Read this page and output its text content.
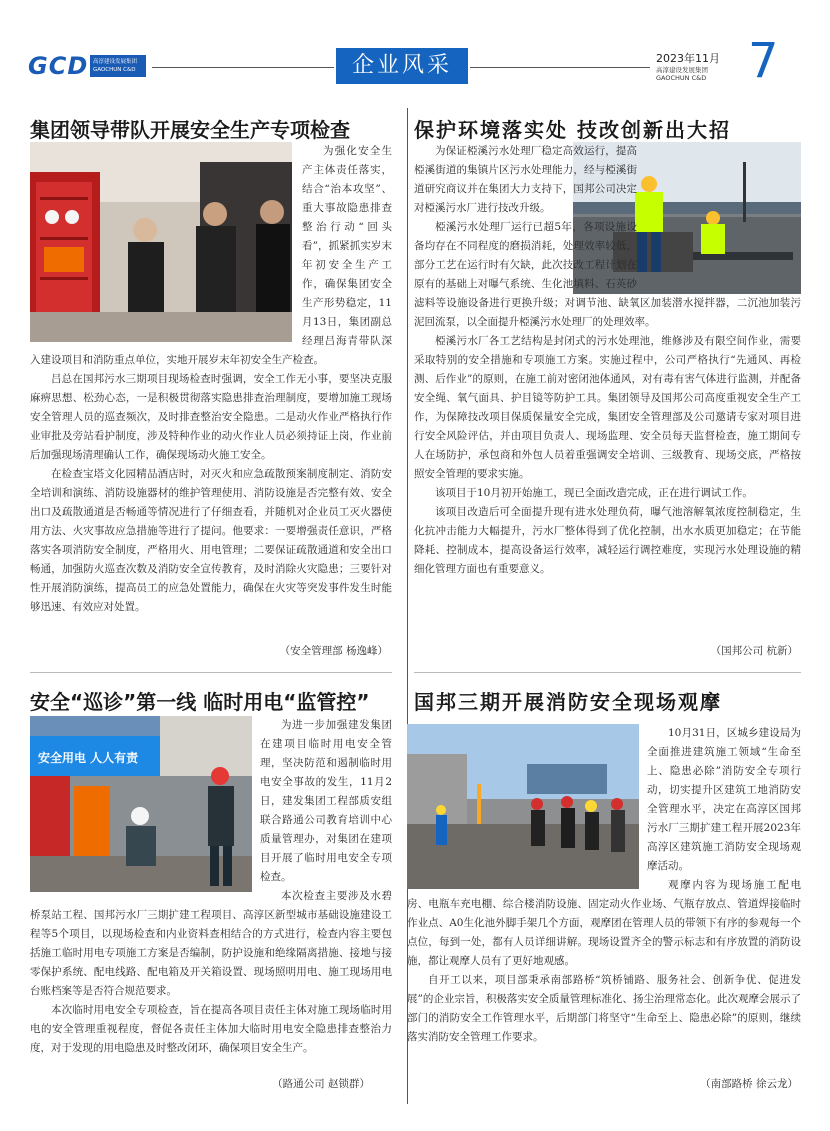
GCD 高淳建设发展集团
GAOCHUN C&D	企业风采	2023年11月
高淳建设发展集团
GAOCHUN C&D 7
集团领导带队开展安全生产专项检查

为强化安全生产主体责任落实，结合“治本攻坚”、重大事故隐患排查整治行动“回头看”，抓紧抓实岁末年初安全生产工作，确保集团安全生产形势稳定，11月13日，集团副总经理吕海青带队深入建设项目和消防重点单位，实地开展岁末年初安全生产检查。

吕总在国邦污水三期项目现场检查时强调，安全工作无小事，要坚决克服麻痹思想、松劲心态，一是积极贯彻落实隐患排查治理制度，要增加施工现场安全管理人员的巡查频次，及时排查整治安全隐患。二是动火作业严格执行作业审批及旁站看护制度，涉及特种作业的动火作业人员必须持证上岗，作业前后加强现场清理确认工作，确保现场动火施工安全。

在检查宝塔文化园精品酒店时，对灭火和应急疏散预案制度制定、消防安全培训和演练、消防设施器材的维护管理使用、消防设施是否完整有效、安全出口及疏散通道是否畅通等情况进行了仔细查看，并随机对企业员工灭火器使用方法、火灾事故应急措施等进行了提问。他要求：一要增强责任意识，严格落实各项消防安全制度，严格用火、用电管理；二要保证疏散通道和安全出口畅通，加强防火巡查次数及消防安全宣传教育，及时消除火灾隐患；三要针对性开展消防演练，提高员工的应急处置能力，确保在火灾等突发事件发生时能够迅速、有效应对处置。

（安全管理部 杨逸峰）
保护环境落实处 技改创新出大招

为保证椏溪污水处理厂稳定高效运行，提高椏溪街道的集镇片区污水处理能力，经与椏溪街道研究商议并在集团大力支持下，国邦公司决定对椏溪污水厂进行技改升级。

椏溪污水处理厂运行已超5年，各项设施设备均存在不同程度的磨损消耗，处理效率较低，部分工艺在运行时有欠缺，此次技改工程计划在原有的基础上对曝气系统、生化池填料、石英砂滤料等设施设备进行更换升级；对调节池、缺氧区加装潜水搅拌器，二沉池加装污泥回流泵，以全面提升椏溪污水处理厂的处理效率。

椏溪污水厂各工艺结构是封闭式的污水处理池，维修涉及有限空间作业，需要采取特别的安全措施和专项施工方案。实施过程中，公司严格执行“先通风、再检测、后作业”的原则，在施工前对密闭池体通风，对有毒有害气体进行监测，并配备安全绳、氧气面具、护目镜等防护工具。集团领导及国邦公司高度重视安全生产工作，为保障技改项目保质保量安全完成，集团安全管理部及公司邀请专家对项目进行安全风险评估，并由项目负责人、现场监理、安全员每天监督检查，施工期间专人在场防护，承包商和外包人员着重强调安全培训、三级教育、现场交底，严格按照安全管理的要求实施。

该项目于10月初开始施工，现已全面改造完成，正在进行调试工作。

该项目改造后可全面提升现有进水处理负荷，曝气池溶解氧浓度控制稳定，生化抗冲击能力大幅提升，污水厂整体得到了优化控制，出水水质更加稳定；在节能降耗、控制成本，提高设备运行效率，减轻运行调控难度，实现污水处理设施的精细化管理方面也有重要意义。

（国邦公司 杭新）
安全“巡诊”第一线 临时用电“监管控”
安全用电 人人有责

为进一步加强建发集团在建项目临时用电安全管理，坚决防范和遏制临时用电安全事故的发生，11月2日，建发集团工程部质安组联合路通公司教育培训中心质量管理办，对集团在建项目开展了临时用电安全专项检查。

本次检查主要涉及水碧桥泵站工程、国邦污水厂三期扩建工程项目、高淳区新型城市基础设施建设工程等5个项目，以现场检查和内业资料查相结合的方式进行，检查内容主要包括施工临时用电专项施工方案是否编制，防护设施和绝缘隔离措施、接地与接零保护系统、配电线路、配电箱及开关箱设置、现场照明用电、施工现场用电台账档案等是否符合规范要求。

本次临时用电安全专项检查，旨在提高各项目责任主体对施工现场临时用电的安全管理重视程度，督促各责任主体加大临时用电安全隐患排查整治力度，对于发现的用电隐患及时整改闭环，确保项目安全生产。

（路通公司 赵锁群）
国邦三期开展消防安全现场观摩

10月31日，区城乡建设局为全面推进建筑施工领域“生命至上、隐患必除”消防安全专项行动，切实提升区建筑工地消防安全管理水平，决定在高淳区国邦污水厂三期扩建工程开展2023年高淳区建筑施工消防安全现场观摩活动。

观摩内容为现场施工配电房、电瓶车充电棚、综合楼消防设施、固定动火作业场、气瓶存放点、管道焊接临时作业点、A0生化池外脚手架几个方面，观摩团在管理人员的带领下有序的参观每一个点位，每到一处，都有人员详细讲解。现场设置齐全的警示标志和有序放置的消防设施，都让观摩人员有了更好地观感。

自开工以来，项目部秉承南部路桥“筑桥铺路、服务社会、创新争优、促进发展”的企业宗旨，积极落实安全质量管理标准化、扬尘治理常态化。此次观摩会展示了部门的消防安全工作管理水平，后期部门将坚守“生命至上、隐患必除”的原则，继续落实消防安全管理工作要求。

（南部路桥 徐云龙）
